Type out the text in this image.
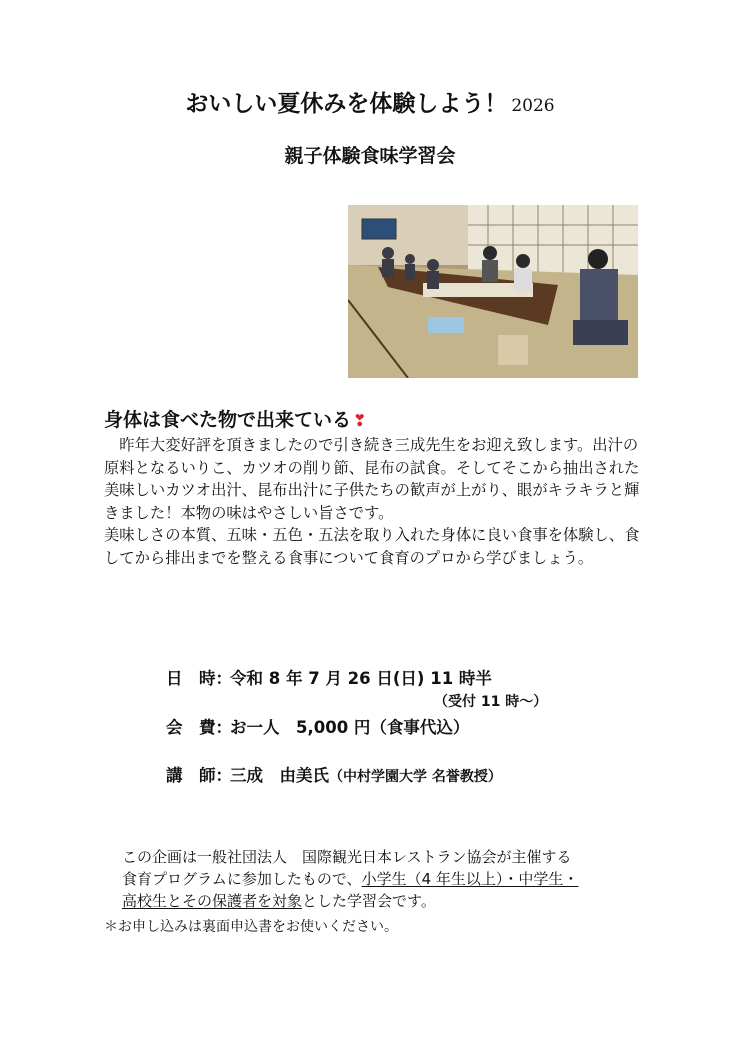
おいしい夏休みを体験しよう！ 2026
親子体験食味学習会
身体は食べた物で出来ている ❣

昨年大変好評を頂きましたので引き続き三成先生をお迎え致します。出汁の原料となるいりこ、カツオの削り節、昆布の試食。そしてそこから抽出された美味しいカツオ出汁、昆布出汁に子供たちの歓声が上がり、眼がキラキラと輝きました！本物の味はやさしい旨さです。

美味しさの本質、五味・五色・五法を取り入れた身体に良い食事を体験し、食してから排出までを整える食事について食育のプロから学びましょう。

日　時：令和 8 年 7 月 26 日(日) 11 時半
（受付 11 時～）
会　費：お一人　5,000 円（食事代込）
講　師：三成　由美氏（中村学園大学 名誉教授）

この企画は一般社団法人　国際観光日本レストラン協会が主催する

食育プログラムに参加したもので、小学生（4 年生以上）・中学生・

高校生とその保護者を対象とした学習会です。

＊お申し込みは裏面申込書をお使いください。
